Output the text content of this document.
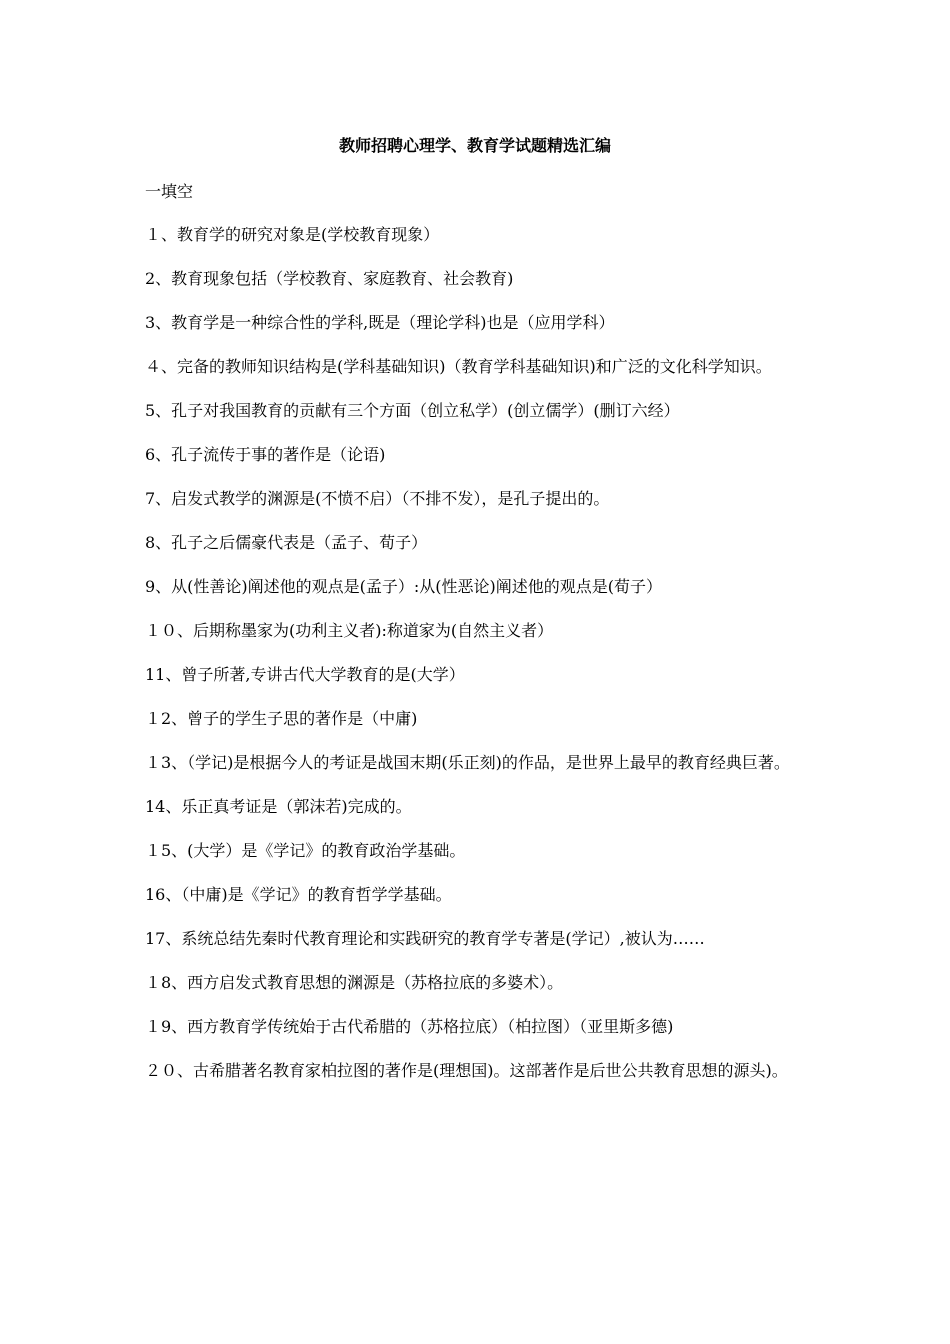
教师招聘心理学、教育学试题精选汇编

一填空

１、教育学的研究对象是(学校教育现象）
2、教育现象包括（学校教育、家庭教育、社会教育)
3、教育学是一种综合性的学科,既是（理论学科)也是（应用学科）
４、完备的教师知识结构是(学科基础知识)（教育学科基础知识)和广泛的文化科学知识。
5、孔子对我国教育的贡献有三个方面（创立私学）(创立儒学）(删订六经）
6、孔子流传于事的著作是（论语)
7、启发式教学的渊源是(不愤不启）（不排不发），是孔子提出的。
8、孔子之后儒豪代表是（孟子、荀子）
9、从(性善论)阐述他的观点是(孟子）:从(性恶论)阐述他的观点是(荀子）
１０、后期称墨家为(功利主义者):称道家为(自然主义者）
11、曾子所著,专讲古代大学教育的是(大学）
１2、曾子的学生子思的著作是（中庸)
１3、（学记)是根据今人的考证是战国末期(乐正刻)的作品，是世界上最早的教育经典巨著。
14、乐正真考证是（郭沫若)完成的。
１5、(大学）是《学记》的教育政治学基础。
16、（中庸)是《学记》的教育哲学学基础。
17、系统总结先秦时代教育理论和实践研究的教育学专著是(学记）,被认为……
１8、西方启发式教育思想的渊源是（苏格拉底的多婆术）。
１9、西方教育学传统始于古代希腊的（苏格拉底）（柏拉图）（亚里斯多德)
２０、古希腊著名教育家柏拉图的著作是(理想国)。这部著作是后世公共教育思想的源头)。
